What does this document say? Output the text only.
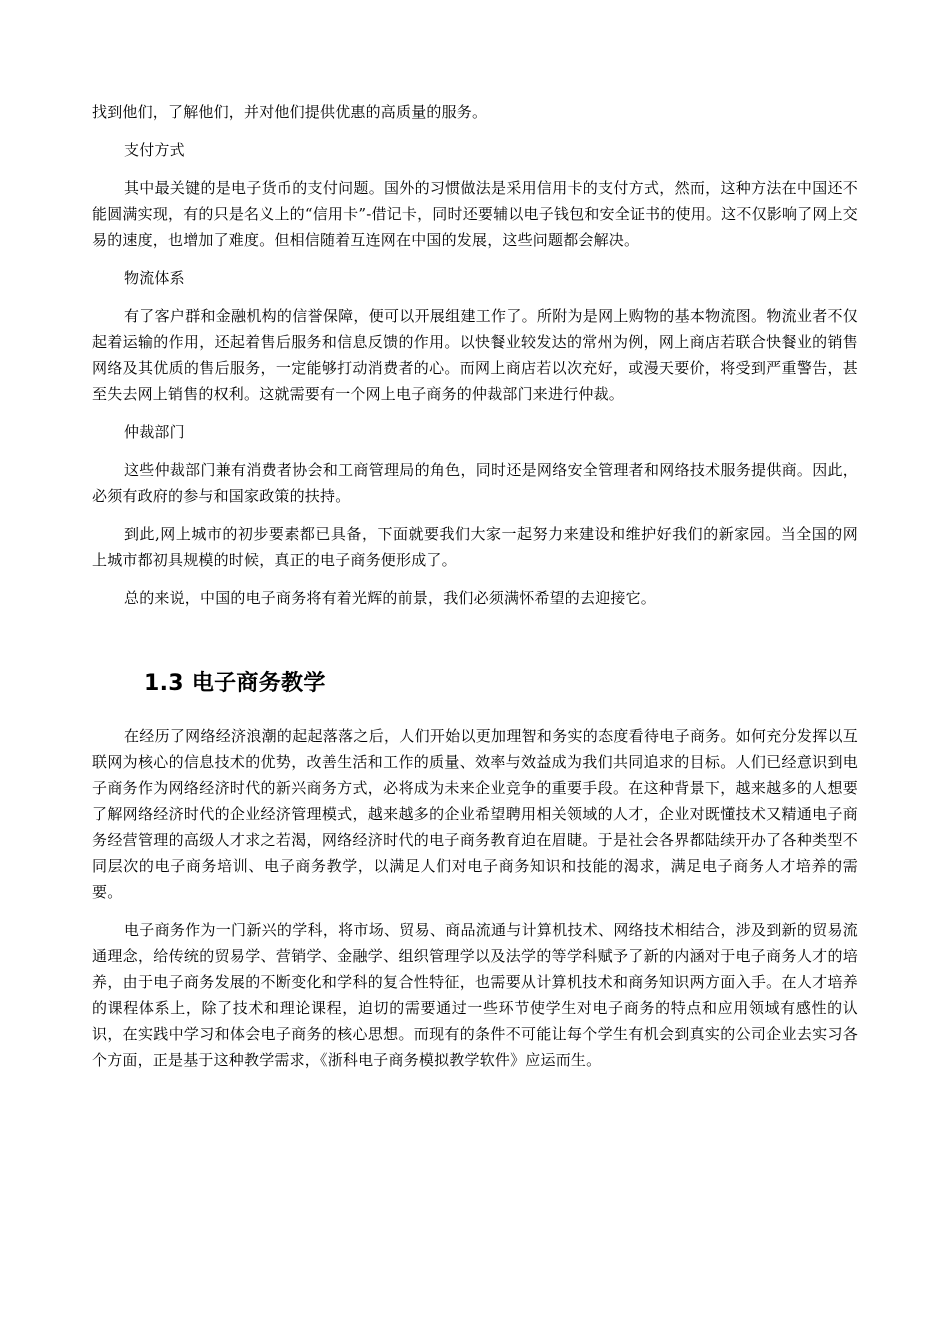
找到他们，了解他们，并对他们提供优惠的高质量的服务。

支付方式

其中最关键的是电子货币的支付问题。国外的习惯做法是采用信用卡的支付方式，然而，这种方法在中国还不能圆满实现，有的只是名义上的“信用卡”-借记卡，同时还要辅以电子钱包和安全证书的使用。这不仅影响了网上交易的速度，也增加了难度。但相信随着互连网在中国的发展，这些问题都会解决。

物流体系

有了客户群和金融机构的信誉保障，便可以开展组建工作了。所附为是网上购物的基本物流图。物流业者不仅起着运输的作用，还起着售后服务和信息反馈的作用。以快餐业较发达的常州为例，网上商店若联合快餐业的销售网络及其优质的售后服务，一定能够打动消费者的心。而网上商店若以次充好，或漫天要价，将受到严重警告，甚至失去网上销售的权利。这就需要有一个网上电子商务的仲裁部门来进行仲裁。

仲裁部门

这些仲裁部门兼有消费者协会和工商管理局的角色，同时还是网络安全管理者和网络技术服务提供商。因此，必须有政府的参与和国家政策的扶持。

到此,网上城市的初步要素都已具备，下面就要我们大家一起努力来建设和维护好我们的新家园。当全国的网上城市都初具规模的时候，真正的电子商务便形成了。

总的来说，中国的电子商务将有着光辉的前景，我们必须满怀希望的去迎接它。

1.3 电子商务教学

在经历了网络经济浪潮的起起落落之后，人们开始以更加理智和务实的态度看待电子商务。如何充分发挥以互联网为核心的信息技术的优势，改善生活和工作的质量、效率与效益成为我们共同追求的目标。人们已经意识到电子商务作为网络经济时代的新兴商务方式，必将成为未来企业竞争的重要手段。在这种背景下，越来越多的人想要了解网络经济时代的企业经济管理模式，越来越多的企业希望聘用相关领域的人才，企业对既懂技术又精通电子商务经营管理的高级人才求之若渴，网络经济时代的电子商务教育迫在眉睫。于是社会各界都陆续开办了各种类型不同层次的电子商务培训、电子商务教学，以满足人们对电子商务知识和技能的渴求，满足电子商务人才培养的需要。

电子商务作为一门新兴的学科，将市场、贸易、商品流通与计算机技术、网络技术相结合，涉及到新的贸易流通理念，给传统的贸易学、营销学、金融学、组织管理学以及法学的等学科赋予了新的内涵对于电子商务人才的培养，由于电子商务发展的不断变化和学科的复合性特征，也需要从计算机技术和商务知识两方面入手。在人才培养的课程体系上，除了技术和理论课程，迫切的需要通过一些环节使学生对电子商务的特点和应用领域有感性的认识，在实践中学习和体会电子商务的核心思想。而现有的条件不可能让每个学生有机会到真实的公司企业去实习各个方面，正是基于这种教学需求，《浙科电子商务模拟教学软件》应运而生。
